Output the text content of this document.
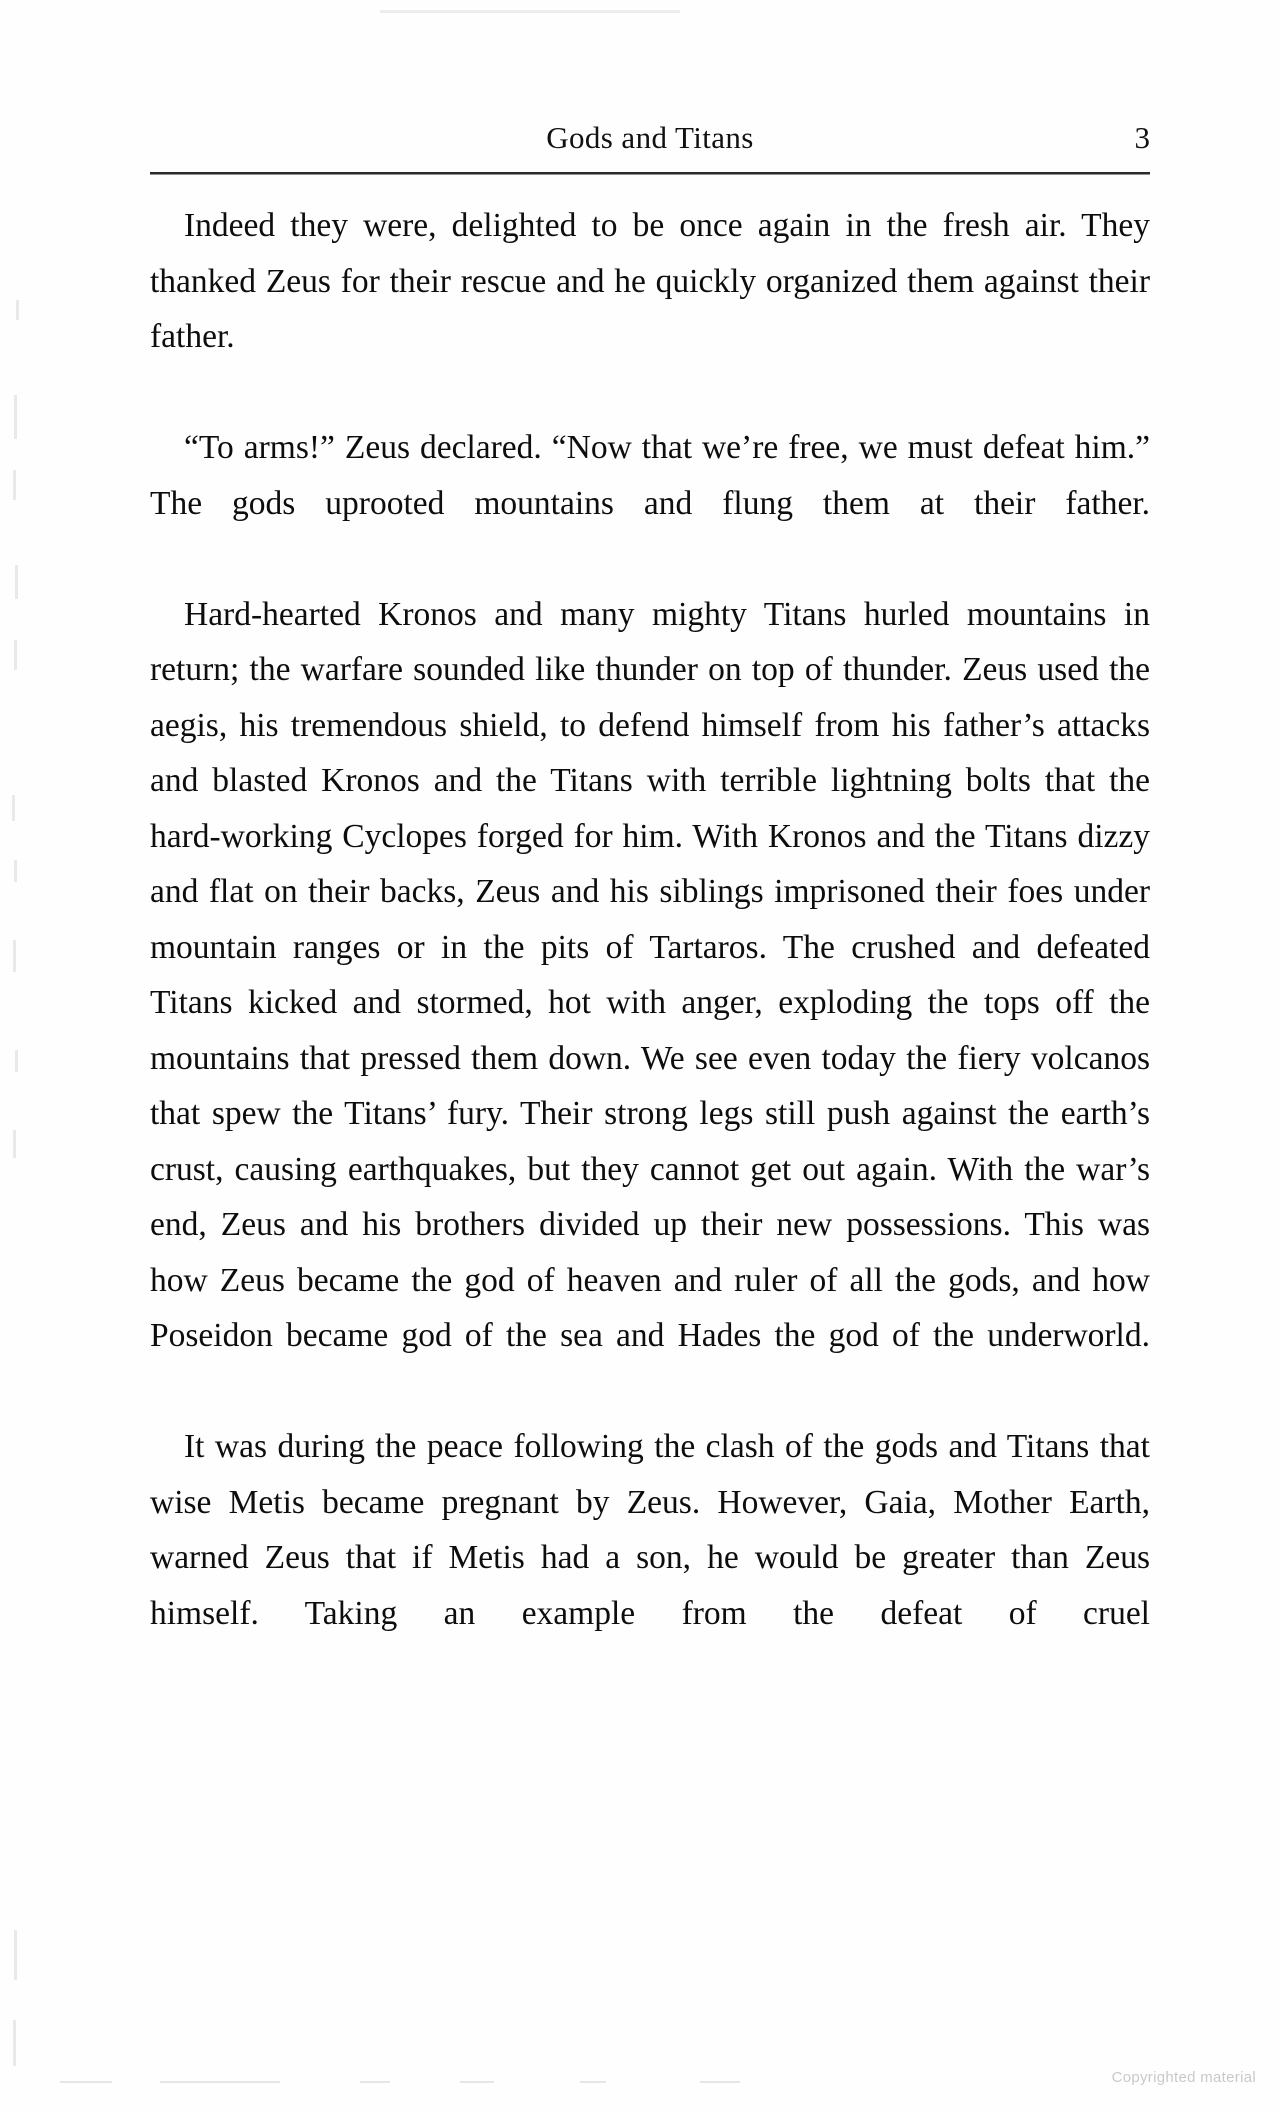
Gods and Titans	3

Indeed they were, delighted to be once again in the fresh air. They thanked Zeus for their rescue and he quickly organized them against their father.

“To arms!” Zeus declared. “Now that we’re free, we must defeat him.” The gods uprooted mountains and flung them at their father.

Hard-hearted Kronos and many mighty Titans hurled mountains in return; the warfare sounded like thunder on top of thunder. Zeus used the aegis, his tremendous shield, to defend himself from his father’s attacks and blasted Kronos and the Titans with terrible lightning bolts that the hard-working Cyclopes forged for him. With Kronos and the Titans dizzy and flat on their backs, Zeus and his siblings imprisoned their foes under mountain ranges or in the pits of Tartaros. The crushed and defeated Titans kicked and stormed, hot with anger, exploding the tops off the mountains that pressed them down. We see even today the fiery volcanos that spew the Titans’ fury. Their strong legs still push against the earth’s crust, causing earthquakes, but they cannot get out again. With the war’s end, Zeus and his brothers divided up their new possessions. This was how Zeus became the god of heaven and ruler of all the gods, and how Poseidon became god of the sea and Hades the god of the underworld.

It was during the peace following the clash of the gods and Titans that wise Metis became pregnant by Zeus. However, Gaia, Mother Earth, warned Zeus that if Metis had a son, he would be greater than Zeus himself. Taking an example from the defeat of cruel

Copyrighted material
